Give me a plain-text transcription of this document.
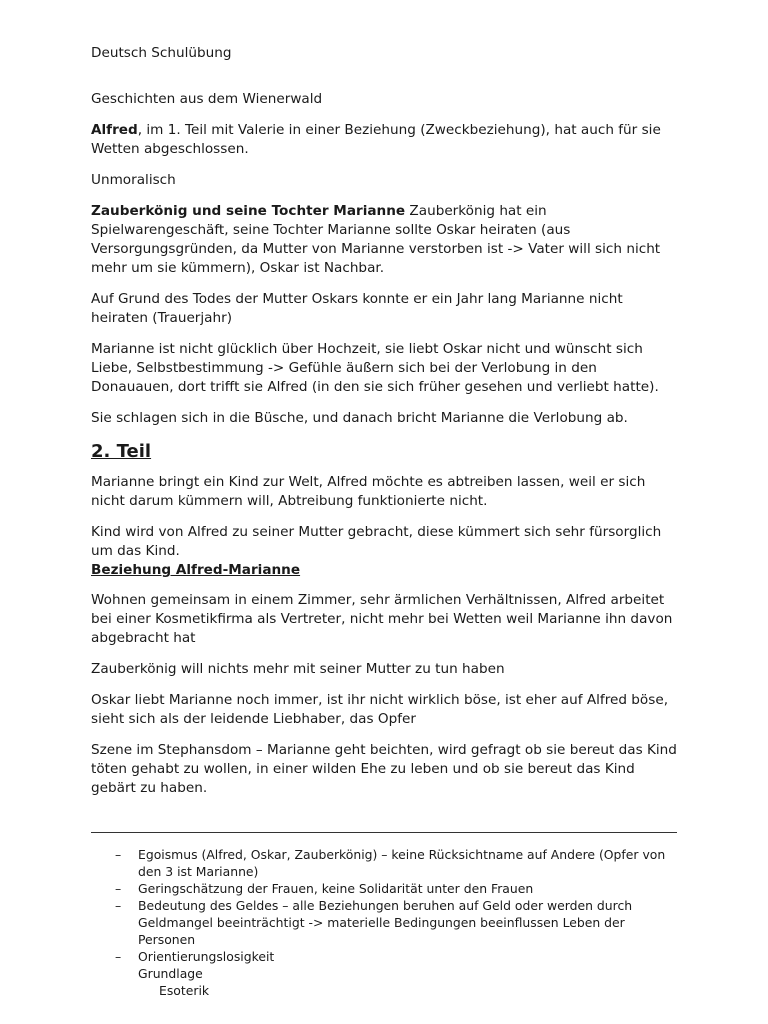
Deutsch Schulübung

Geschichten aus dem Wienerwald

Alfred, im 1. Teil mit Valerie in einer Beziehung (Zweckbeziehung), hat auch für sie Wetten abgeschlossen.

Unmoralisch

Zauberkönig und seine Tochter Marianne Zauberkönig hat ein Spielwarengeschäft, seine Tochter Marianne sollte Oskar heiraten (aus Versorgungsgründen, da Mutter von Marianne verstorben ist -> Vater will sich nicht mehr um sie kümmern), Oskar ist Nachbar.

Auf Grund des Todes der Mutter Oskars konnte er ein Jahr lang Marianne nicht heiraten (Trauerjahr)

Marianne ist nicht glücklich über Hochzeit, sie liebt Oskar nicht und wünscht sich Liebe, Selbstbestimmung -> Gefühle äußern sich bei der Verlobung in den Donauauen, dort trifft sie Alfred (in den sie sich früher gesehen und verliebt hatte).

Sie schlagen sich in die Büsche, und danach bricht Marianne die Verlobung ab.

2. Teil

Marianne bringt ein Kind zur Welt, Alfred möchte es abtreiben lassen, weil er sich nicht darum kümmern will, Abtreibung funktionierte nicht.

Kind wird von Alfred zu seiner Mutter gebracht, diese kümmert sich sehr fürsorglich um das Kind.

Beziehung Alfred-Marianne

Wohnen gemeinsam in einem Zimmer, sehr ärmlichen Verhältnissen, Alfred arbeitet bei einer Kosmetikfirma als Vertreter, nicht mehr bei Wetten weil Marianne ihn davon abgebracht hat

Zauberkönig will nichts mehr mit seiner Mutter zu tun haben

Oskar liebt Marianne noch immer, ist ihr nicht wirklich böse, ist eher auf Alfred böse, sieht sich als der leidende Liebhaber, das Opfer

Szene im Stephansdom – Marianne geht beichten, wird gefragt ob sie bereut das Kind töten gehabt zu wollen, in einer wilden Ehe zu leben und ob sie bereut das Kind gebärt zu haben.

– Egoismus (Alfred, Oskar, Zauberkönig) – keine Rücksichtname auf Andere (Opfer von den 3 ist Marianne)
– Geringschätzung der Frauen, keine Solidarität unter den Frauen
– Bedeutung des Geldes – alle Beziehungen beruhen auf Geld oder werden durch Geldmangel beeinträchtigt -> materielle Bedingungen beeinflussen Leben der Personen
– Orientierungslosigkeit
Grundlage
Esoterik
